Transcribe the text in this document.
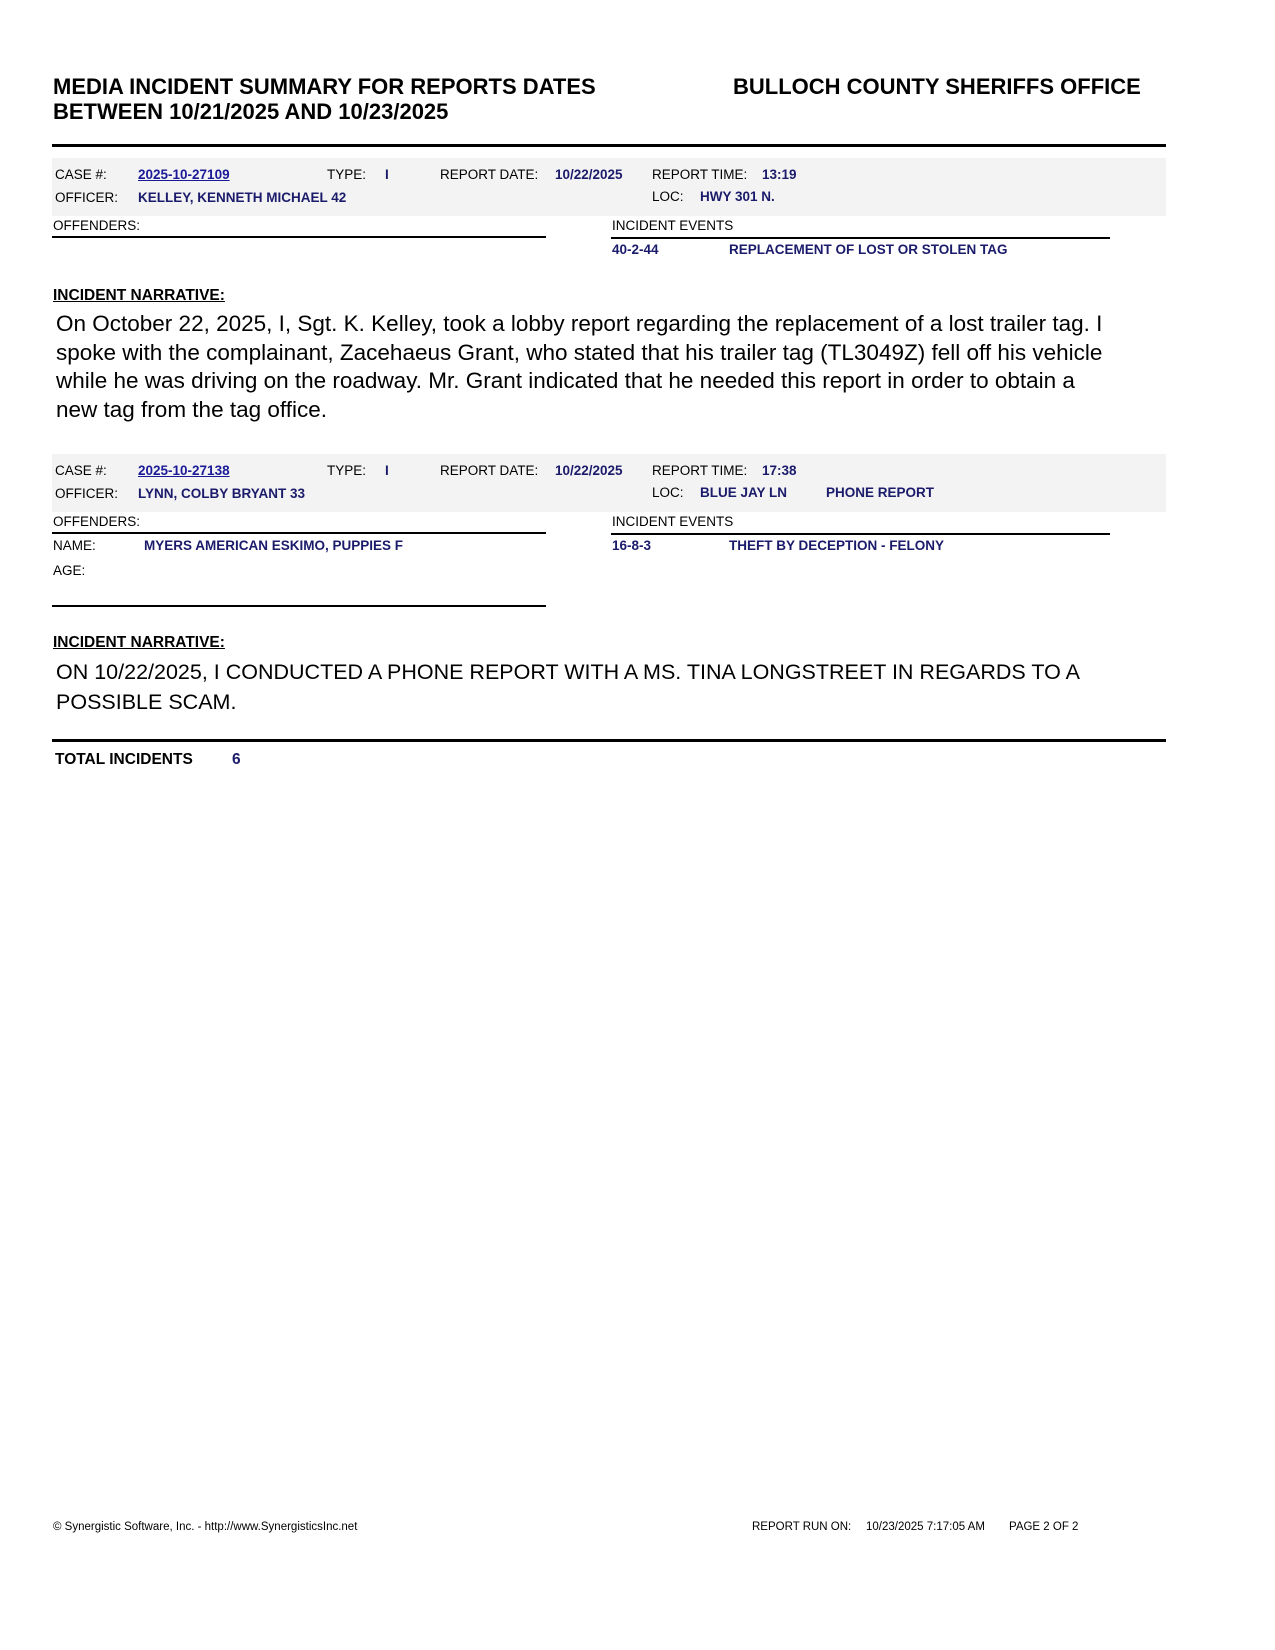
MEDIA INCIDENT SUMMARY FOR REPORTS DATES
BETWEEN 10/21/2025 AND 10/23/2025
BULLOCH COUNTY SHERIFFS OFFICE
CASE #: 2025-10-27109	TYPE: I	REPORT DATE: 10/22/2025 REPORT TIME: 13:19
OFFICER: KELLEY, KENNETH MICHAEL 42	LOC: HWY 301 N.
OFFENDERS:	INCIDENT EVENTS
40-2-44	REPLACEMENT OF LOST OR STOLEN TAG
INCIDENT NARRATIVE:
On October 22, 2025, I, Sgt. K. Kelley, took a lobby report regarding the replacement of a lost trailer tag. I spoke with the complainant, Zacehaeus Grant, who stated that his trailer tag (TL3049Z) fell off his vehicle while he was driving on the roadway. Mr. Grant indicated that he needed this report in order to obtain a new tag from the tag office.
CASE #: 2025-10-27138	TYPE: I	REPORT DATE: 10/22/2025 REPORT TIME: 17:38
OFFICER: LYNN, COLBY BRYANT 33	LOC: BLUE JAY LN	PHONE REPORT
OFFENDERS:
NAME:	MYERS AMERICAN ESKIMO, PUPPIES F
AGE:
INCIDENT EVENTS
16-8-3	THEFT BY DECEPTION - FELONY
INCIDENT NARRATIVE:
ON 10/22/2025, I CONDUCTED A PHONE REPORT WITH A MS. TINA LONGSTREET IN REGARDS TO A POSSIBLE SCAM.
TOTAL INCIDENTS	6
© Synergistic Software, Inc. - http://www.SynergisticsInc.net	REPORT RUN ON: 10/23/2025 7:17:05 AM PAGE 2 OF 2
